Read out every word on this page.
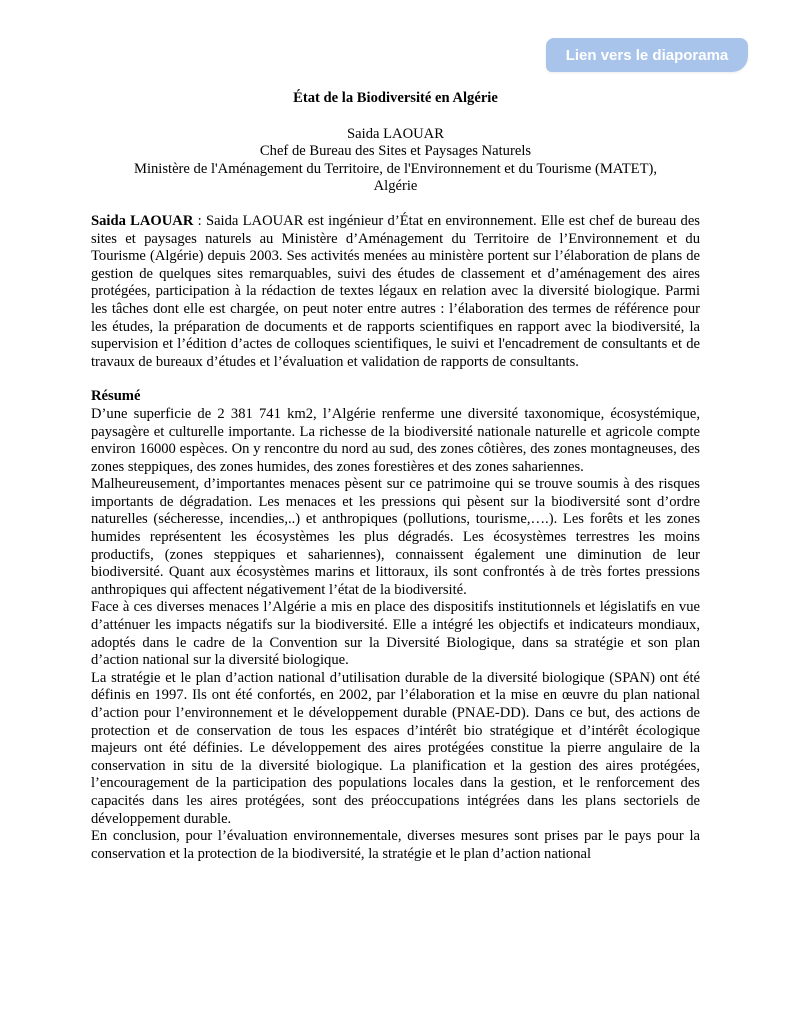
Lien vers le diaporama
État de la Biodiversité en Algérie
Saida LAOUAR
Chef de Bureau des Sites et Paysages Naturels
Ministère de l'Aménagement du Territoire, de l'Environnement et du Tourisme (MATET),
Algérie

Saida LAOUAR : Saida LAOUAR est ingénieur d’État en environnement. Elle est chef de bureau des sites et paysages naturels au Ministère d’Aménagement du Territoire de l’Environnement et du Tourisme (Algérie) depuis 2003. Ses activités menées au ministère portent sur l’élaboration de plans de gestion de quelques sites remarquables, suivi des études de classement et d’aménagement des aires protégées, participation à la rédaction de textes légaux en relation avec la diversité biologique. Parmi les tâches dont elle est chargée, on peut noter entre autres : l’élaboration des termes de référence pour les études, la préparation de documents et de rapports scientifiques en rapport avec la biodiversité, la supervision et l’édition d’actes de colloques scientifiques, le suivi et l'encadrement de consultants et de travaux de bureaux d’études et l’évaluation et validation de rapports de consultants.

Résumé

D’une superficie de 2 381 741 km2, l’Algérie renferme une diversité taxonomique, écosystémique, paysagère et culturelle importante. La richesse de la biodiversité nationale naturelle et agricole compte environ 16000 espèces. On y rencontre du nord au sud, des zones côtières, des zones montagneuses, des zones steppiques, des zones humides, des zones forestières et des zones sahariennes.

Malheureusement, d’importantes menaces pèsent sur ce patrimoine qui se trouve soumis à des risques importants de dégradation. Les menaces et les pressions qui pèsent sur la biodiversité sont d’ordre naturelles (sécheresse, incendies,..) et anthropiques (pollutions, tourisme,….). Les forêts et les zones humides représentent les écosystèmes les plus dégradés. Les écosystèmes terrestres les moins productifs, (zones steppiques et sahariennes), connaissent également une diminution de leur biodiversité. Quant aux écosystèmes marins et littoraux, ils sont confrontés à de très fortes pressions anthropiques qui affectent négativement l’état de la biodiversité.

Face à ces diverses menaces l’Algérie a mis en place des dispositifs institutionnels et législatifs en vue d’atténuer les impacts négatifs sur la biodiversité. Elle a intégré les objectifs et indicateurs mondiaux, adoptés dans le cadre de la Convention sur la Diversité Biologique, dans sa stratégie et son plan d’action national sur la diversité biologique.

La stratégie et le plan d’action national d’utilisation durable de la diversité biologique (SPAN) ont été définis en 1997. Ils ont été confortés, en 2002, par l’élaboration et la mise en œuvre du plan national d’action pour l’environnement et le développement durable (PNAE-DD). Dans ce but, des actions de protection et de conservation de tous les espaces d’intérêt bio stratégique et d’intérêt écologique majeurs ont été définies. Le développement des aires protégées constitue la pierre angulaire de la conservation in situ de la diversité biologique. La planification et la gestion des aires protégées, l’encouragement de la participation des populations locales dans la gestion, et le renforcement des capacités dans les aires protégées, sont des préoccupations intégrées dans les plans sectoriels de développement durable.

En conclusion, pour l’évaluation environnementale, diverses mesures sont prises par le pays pour la conservation et la protection de la biodiversité, la stratégie et le plan d’action national
